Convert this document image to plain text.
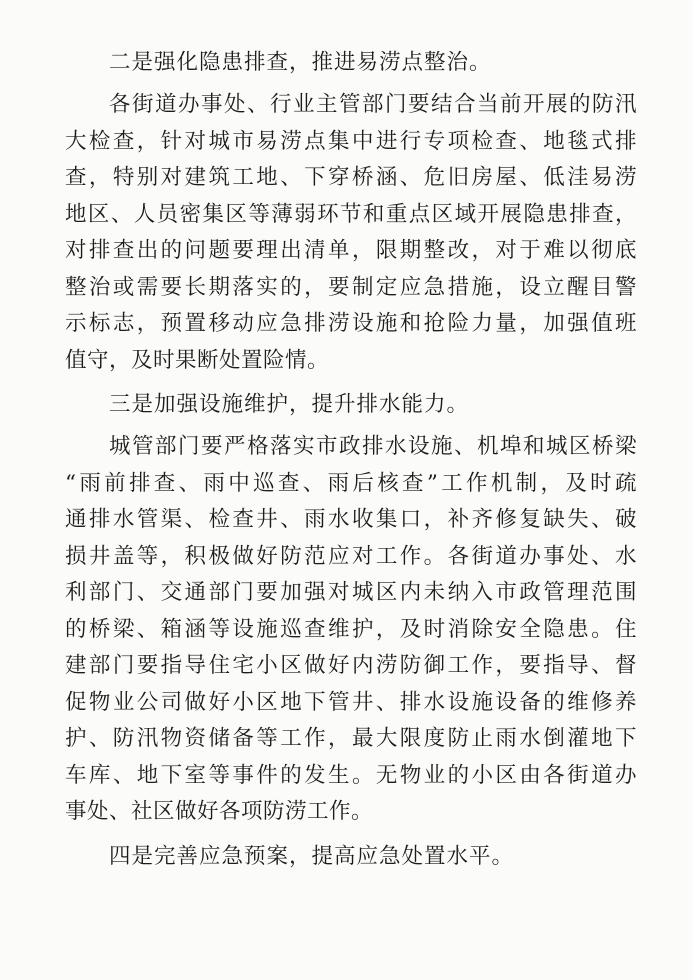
二是强化隐患排查，推进易涝点整治。
各街道办事处、行业主管部门要结合当前开展的防汛
大检查，针对城市易涝点集中进行专项检查、地毯式排
查，特别对建筑工地、下穿桥涵、危旧房屋、低洼易涝
地区、人员密集区等薄弱环节和重点区域开展隐患排查，
对排查出的问题要理出清单，限期整改，对于难以彻底
整治或需要长期落实的，要制定应急措施，设立醒目警
示标志，预置移动应急排涝设施和抢险力量，加强值班
值守，及时果断处置险情。
三是加强设施维护，提升排水能力。
城管部门要严格落实市政排水设施、机埠和城区桥梁
“雨前排查、雨中巡查、雨后核查”工作机制，及时疏
通排水管渠、检查井、雨水收集口，补齐修复缺失、破
损井盖等，积极做好防范应对工作。各街道办事处、水
利部门、交通部门要加强对城区内未纳入市政管理范围
的桥梁、箱涵等设施巡查维护，及时消除安全隐患。住
建部门要指导住宅小区做好内涝防御工作，要指导、督
促物业公司做好小区地下管井、排水设施设备的维修养
护、防汛物资储备等工作，最大限度防止雨水倒灌地下
车库、地下室等事件的发生。无物业的小区由各街道办
事处、社区做好各项防涝工作。
四是完善应急预案，提高应急处置水平。
